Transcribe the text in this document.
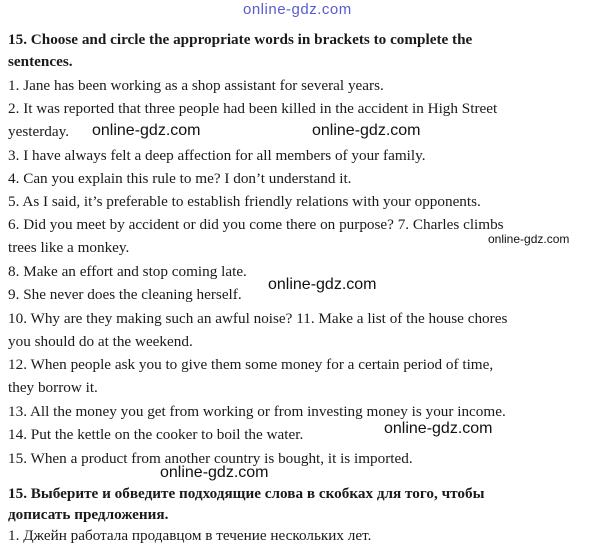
online-gdz.com
15. Choose and circle the appropriate words in brackets to complete the
sentences.
1. Jane has been working as a shop assistant for several years.
2. It was reported that three people had been killed in the accident in High Street
yesterday.
3. I have always felt a deep affection for all members of your family.
4. Can you explain this rule to me? I don’t understand it.
5. As I said, it’s preferable to establish friendly relations with your opponents.
6. Did you meet by accident or did you come there on purpose? 7. Charles climbs
trees like a monkey.
8. Make an effort and stop coming late.
9. She never does the cleaning herself.
10. Why are they making such an awful noise? 11. Make a list of the house chores
you should do at the weekend.
12. When people ask you to give them some money for a certain period of time,
they borrow it.
13. All the money you get from working or from investing money is your income.
14. Put the kettle on the cooker to boil the water.
15. When a product from another country is bought, it is imported.
15. Выберите и обведите подходящие слова в скобках для того, чтобы
дописать предложения.
1. Джейн работала продавцом в течение нескольких лет.
online-gdz.com	online-gdz.com
online-gdz.com
online-gdz.com
online-gdz.com
online-gdz.com
